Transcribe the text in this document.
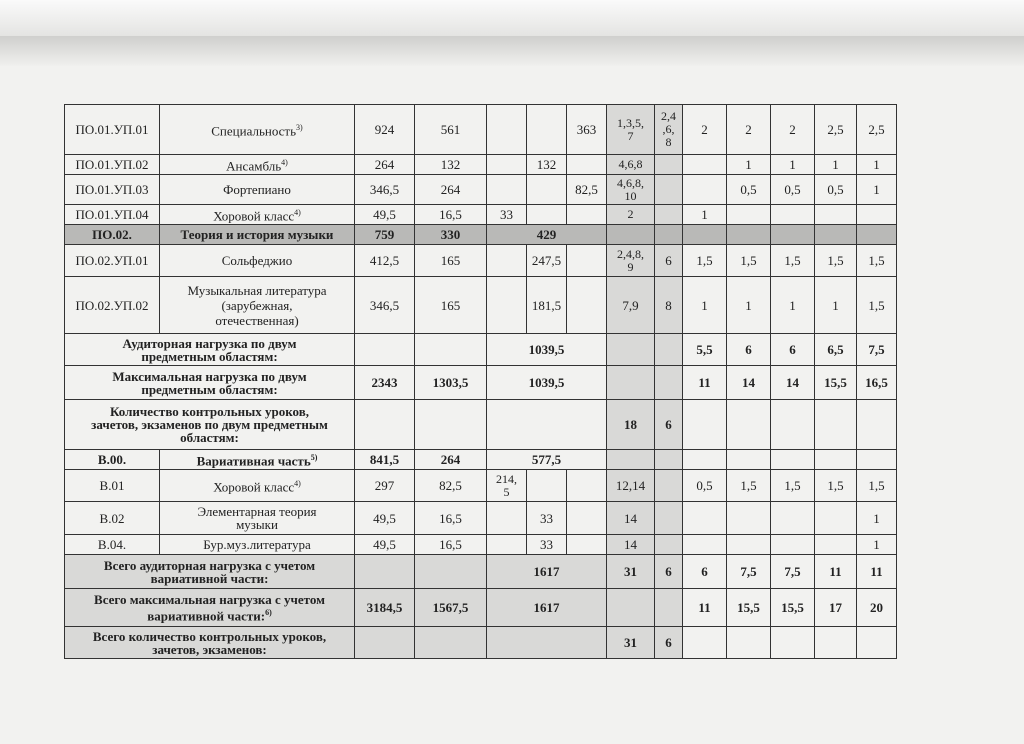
ПО.01.УП.01	Специальность$^{3)}$	924	561			363	1,3,5,
7	2,4
,6,
8	2	2	2	2,5	2,5
ПО.01.УП.02	Ансамбль$^{4)}$	264	132		132		4,6,8			1	1	1	1
ПО.01.УП.03	Фортепиано	346,5	264			82,5	4,6,8,
10			0,5	0,5	0,5	1
ПО.01.УП.04	Хоровой класс$^{4)}$	49,5	16,5	33			2		1				
ПО.02.	Теория и история музыки	759	330	429									
ПО.02.УП.01	Сольфеджио	412,5	165		247,5		2,4,8,
9	6	1,5	1,5	1,5	1,5	1,5
ПО.02.УП.02	Музыкальная литература
(зарубежная,
отечественная)	346,5	165		181,5		7,9	8	1	1	1	1	1,5
Аудиторная нагрузка по двум
предметным областям:				1039,5					5,5	6	6	6,5	7,5
Максимальная нагрузка по двум
предметным областям:		2343	1303,5	1039,5					11	14	14	15,5	16,5
Количество контрольных уроков,
зачетов, экзаменов по двум предметным
областям:							18	6					
В.00.	Вариативная часть$^{5)}$	841,5	264	577,5									
В.01	Хоровой класс$^{4)}$	297	82,5	214,
5			12,14		0,5	1,5	1,5	1,5	1,5
В.02	Элементарная теория
музыки	49,5	16,5		33		14						1
В.04.	Бур.муз.литература	49,5	16,5		33		14						1
Всего аудиторная нагрузка с учетом
вариативной части:				1617			31	6	6	7,5	7,5	11	11
Всего максимальная нагрузка с учетом
вариативной части:$^{6)}$		3184,5	1567,5	1617					11	15,5	15,5	17	20
Всего количество контрольных уроков,
зачетов, экзаменов:							31	6					
